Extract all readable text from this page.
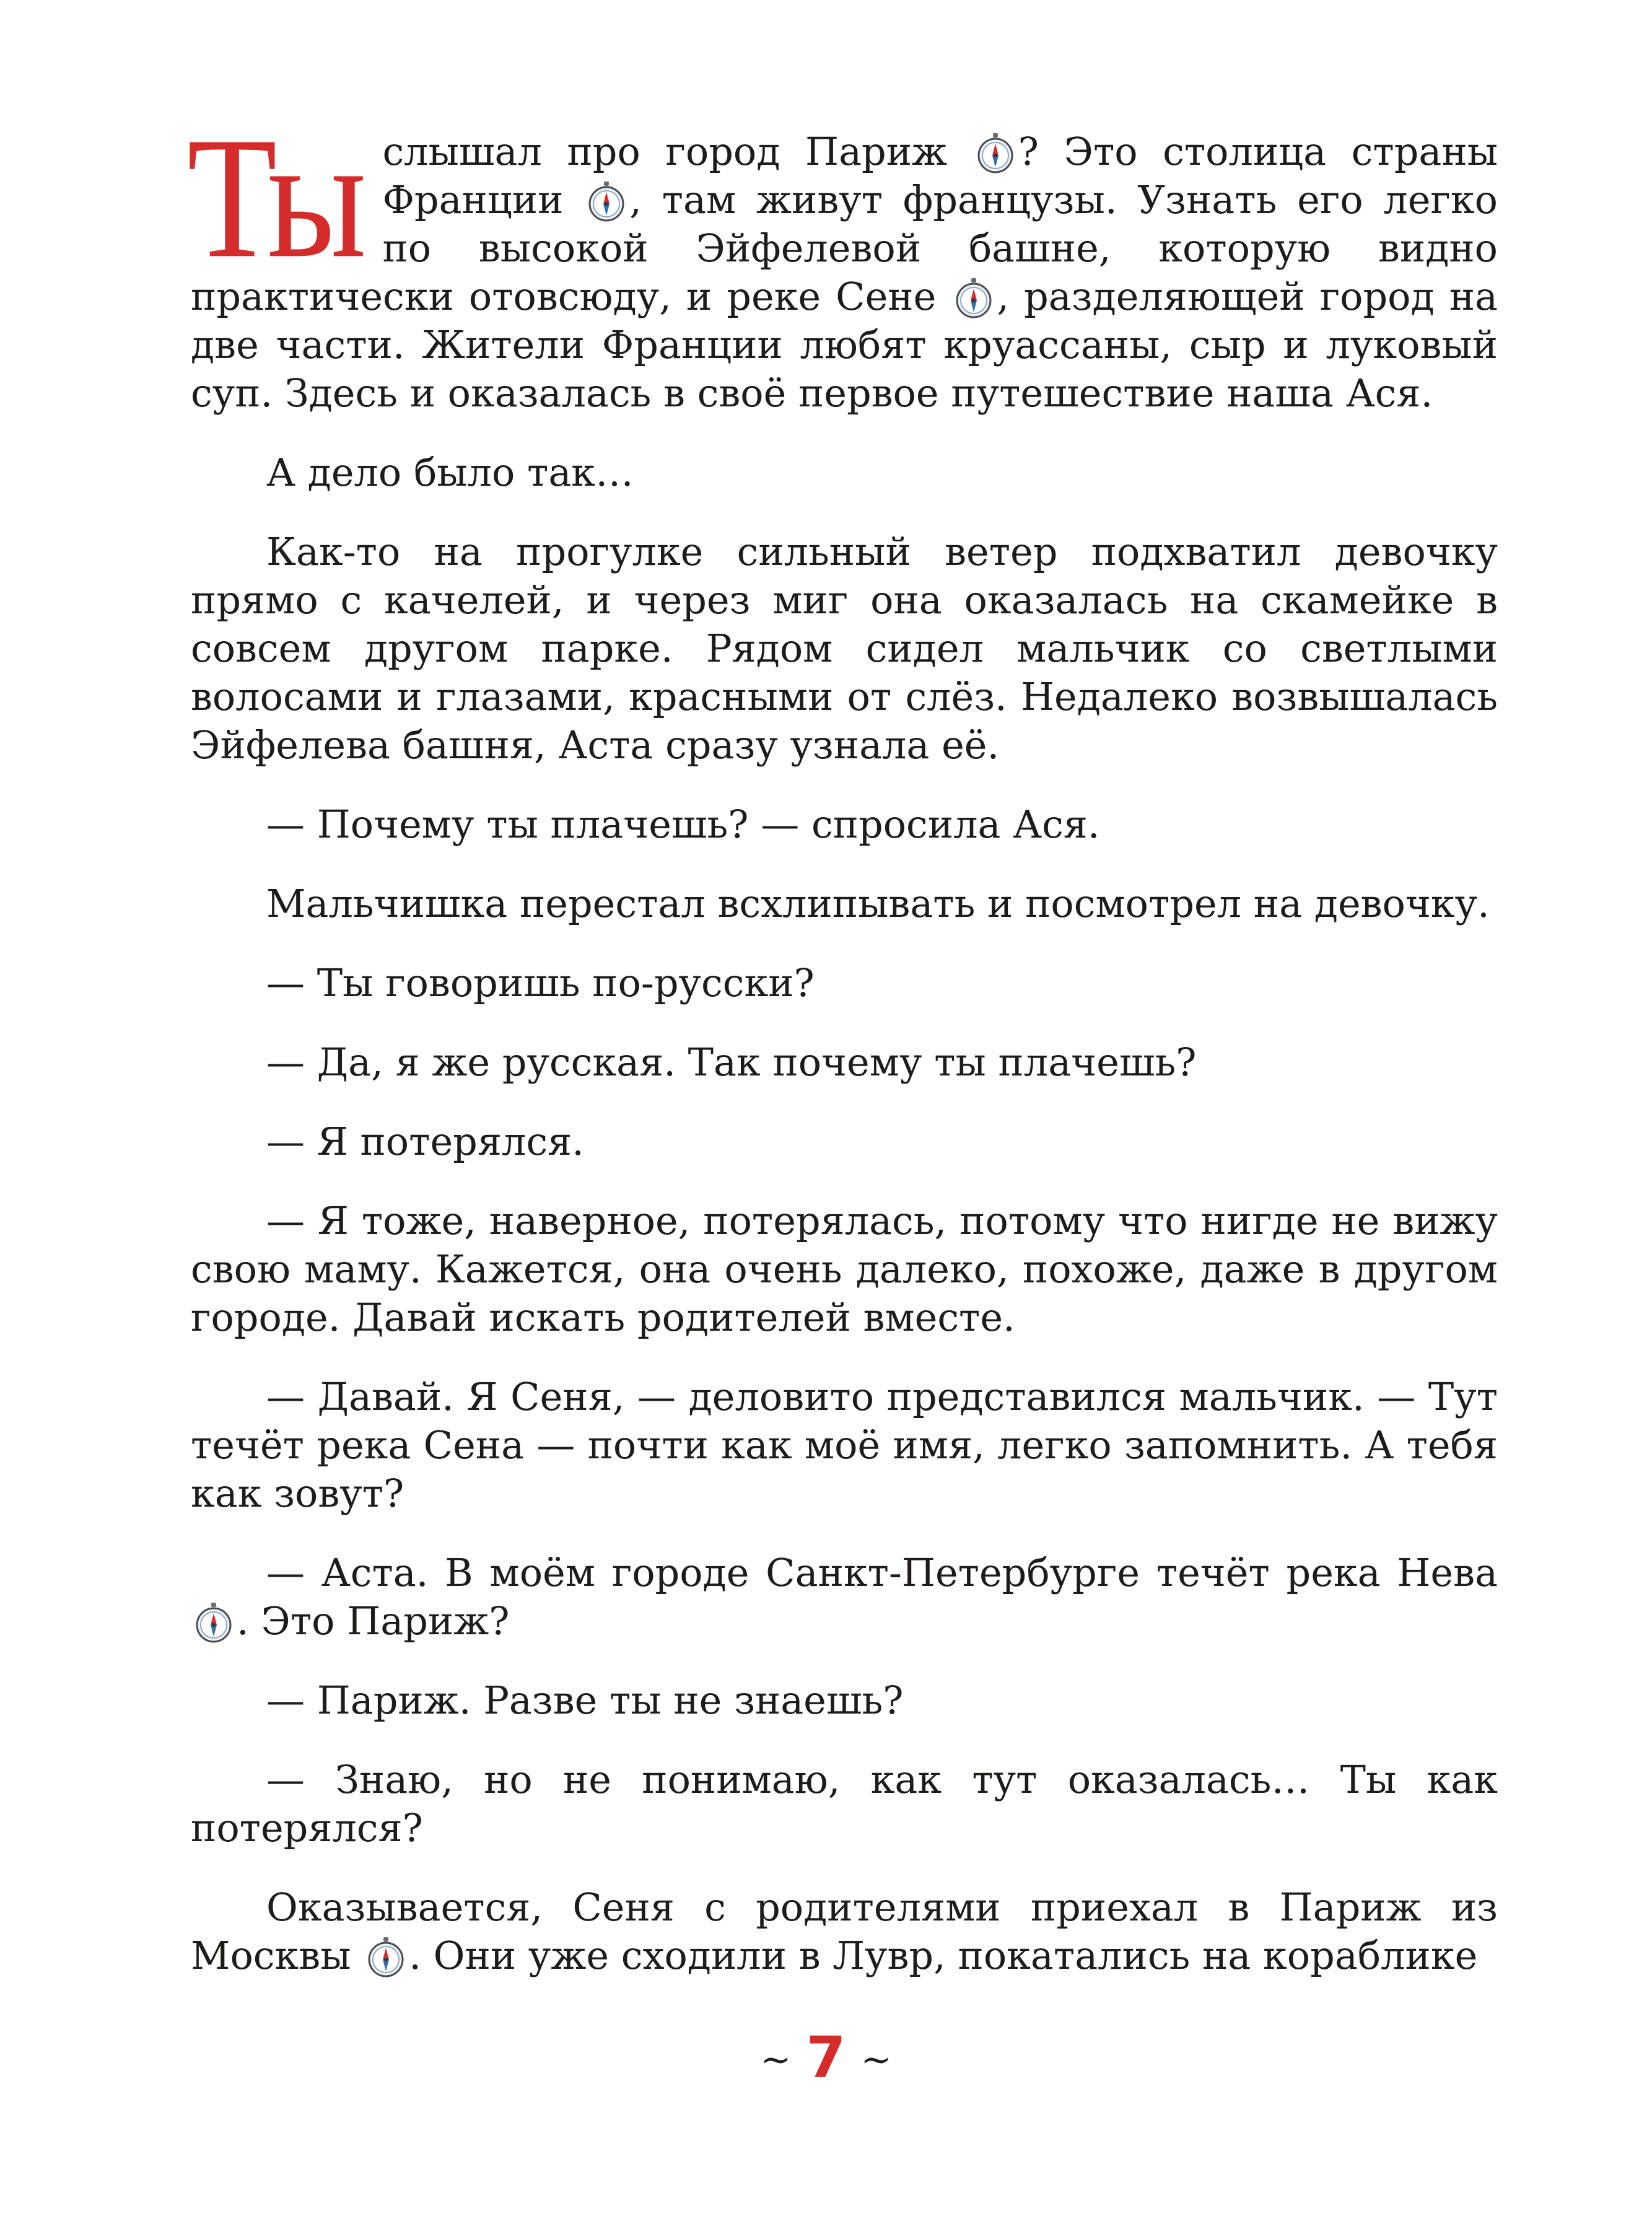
Ты слышал про город Париж ? Это столица страны Франции , там живут французы. Узнать его легко по высокой Эйфелевой башне, которую видно практически отовсюду, и реке Сене , разделяющей город на две части. Жители Франции любят круассаны, сыр и луковый суп. Здесь и оказалась в своё первое путешествие наша Ася.

А дело было так…

Как-то на прогулке сильный ветер подхватил девочку прямо с качелей, и через миг она оказалась на скамейке в совсем другом парке. Рядом сидел мальчик со светлыми волосами и глазами, красными от слёз. Недалеко возвышалась Эйфелева башня, Аста сразу узнала её.

— Почему ты плачешь? — спросила Ася.

Мальчишка перестал всхлипывать и посмотрел на девочку.

— Ты говоришь по-русски?

— Да, я же русская. Так почему ты плачешь?

— Я потерялся.

— Я тоже, наверное, потерялась, потому что нигде не вижу свою маму. Кажется, она очень далеко, похоже, даже в другом городе. Давай искать родителей вместе.

— Давай. Я Сеня, — деловито представился мальчик. — Тут течёт река Сена — почти как моё имя, легко запомнить. А тебя как зовут?

— Аста. В моём городе Санкт-Петербурге течёт река Нева . Это Париж?

— Париж. Разве ты не знаешь?

— Знаю, но не понимаю, как тут оказалась… Ты как потерялся?

Оказывается, Сеня с родителями приехал в Париж из Москвы . Они уже сходили в Лувр, покатались на кораблике

~ 7 ~
